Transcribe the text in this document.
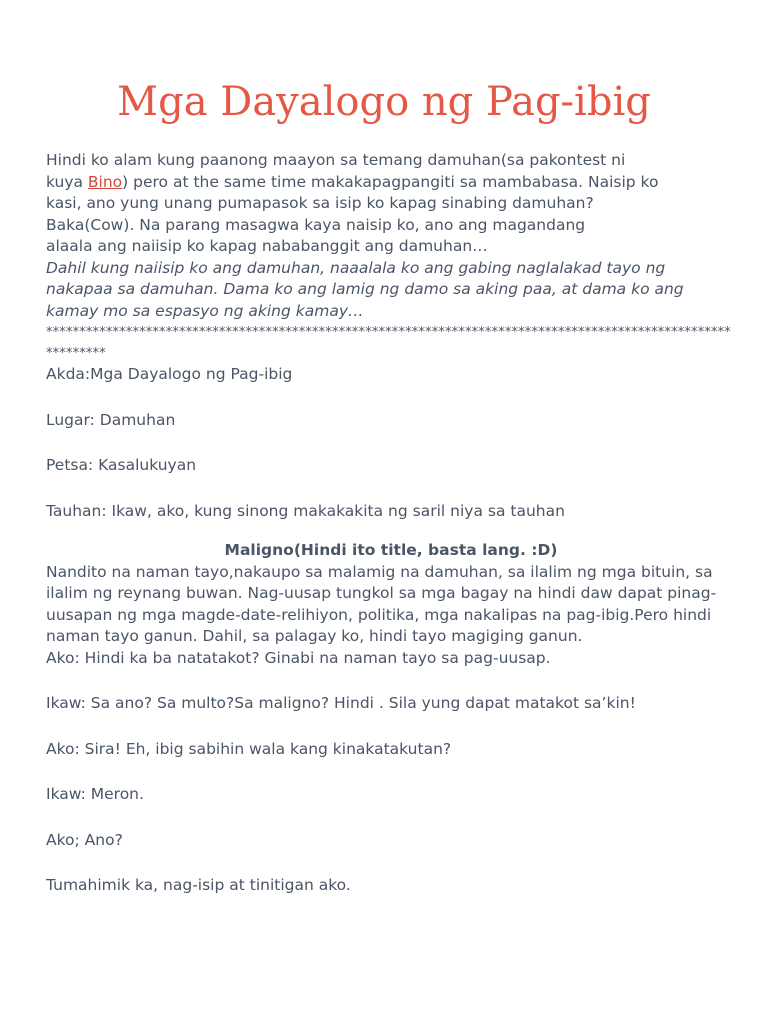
Mga Dayalogo ng Pag-ibig

Hindi ko alam kung paanong maayon sa temang damuhan(sa pakontest ni
kuya Bino) pero at the same time makakapagpangiti sa mambabasa. Naisip ko
kasi, ano yung unang pumapasok sa isip ko kapag sinabing damuhan?
Baka(Cow). Na parang masagwa kaya naisip ko, ano ang magandang
alaala ang naiisip ko kapag nababanggit ang damuhan…

Dahil kung naiisip ko ang damuhan, naaalala ko ang gabing naglalakad tayo ng nakapaa sa damuhan. Dama ko ang lamig ng damo sa aking paa, at dama ko ang kamay mo sa espasyo ng aking kamay…

****************************************************************************************************************

Akda:Mga Dayalogo ng Pag-ibig

Lugar: Damuhan

Petsa: Kasalukuyan

Tauhan: Ikaw, ako, kung sinong makakakita ng saril niya sa tauhan

Maligno(Hindi ito title, basta lang. :D)

Nandito na naman tayo,nakaupo sa malamig na damuhan, sa ilalim ng mga bituin, sa ilalim ng reynang buwan. Nag-uusap tungkol sa mga bagay na hindi daw dapat pinag-uusapan ng mga magde-date-relihiyon, politika, mga nakalipas na pag-ibig.Pero hindi naman tayo ganun. Dahil, sa palagay ko, hindi tayo magiging ganun.

Ako: Hindi ka ba natatakot? Ginabi na naman tayo sa pag-uusap.

Ikaw: Sa ano? Sa multo?Sa maligno? Hindi . Sila yung dapat matakot sa’kin!

Ako: Sira! Eh, ibig sabihin wala kang kinakatakutan?

Ikaw: Meron.

Ako; Ano?

Tumahimik ka, nag-isip at tinitigan ako.
